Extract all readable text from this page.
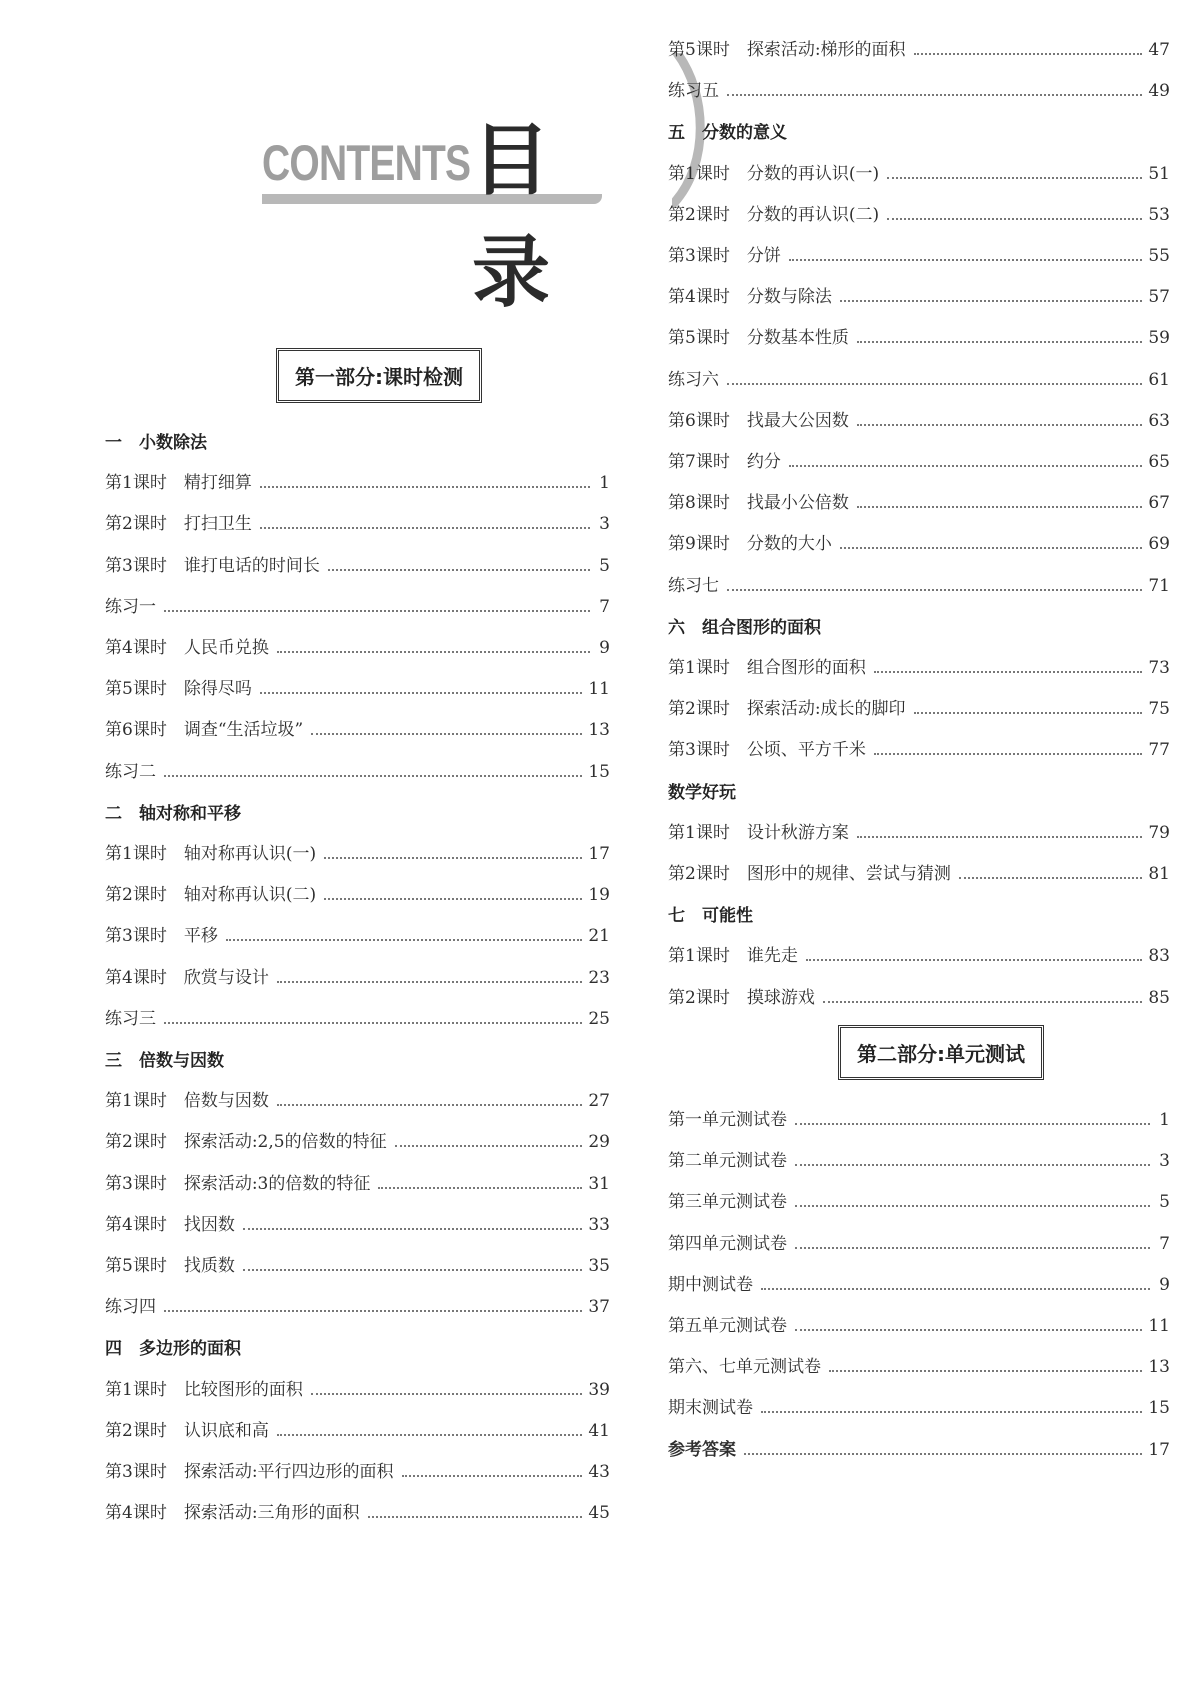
CONTENTS 目录
第一部分:课时检测
一　小数除法
第1课时　精打细算	1
第2课时　打扫卫生	3
第3课时　谁打电话的时间长	5
练习一	7
第4课时　人民币兑换	9
第5课时　除得尽吗	11
第6课时　调查“生活垃圾”	13
练习二	15
二　轴对称和平移
第1课时　轴对称再认识(一)	17
第2课时　轴对称再认识(二)	19
第3课时　平移	21
第4课时　欣赏与设计	23
练习三	25
三　倍数与因数
第1课时　倍数与因数	27
第2课时　探索活动:2,5的倍数的特征	29
第3课时　探索活动:3的倍数的特征	31
第4课时　找因数	33
第5课时　找质数	35
练习四	37
四　多边形的面积
第1课时　比较图形的面积	39
第2课时　认识底和高	41
第3课时　探索活动:平行四边形的面积	43
第4课时　探索活动:三角形的面积	45
第5课时　探索活动:梯形的面积	47
练习五	49
五　分数的意义
第1课时　分数的再认识(一)	51
第2课时　分数的再认识(二)	53
第3课时　分饼	55
第4课时　分数与除法	57
第5课时　分数基本性质	59
练习六	61
第6课时　找最大公因数	63
第7课时　约分	65
第8课时　找最小公倍数	67
第9课时　分数的大小	69
练习七	71
六　组合图形的面积
第1课时　组合图形的面积	73
第2课时　探索活动:成长的脚印	75
第3课时　公顷、平方千米	77
数学好玩
第1课时　设计秋游方案	79
第2课时　图形中的规律、尝试与猜测	81
七　可能性
第1课时　谁先走	83
第2课时　摸球游戏	85
第一单元测试卷	1
第二单元测试卷	3
第三单元测试卷	5
第四单元测试卷	7
期中测试卷	9
第五单元测试卷	11
第六、七单元测试卷	13
期末测试卷	15
参考答案	17
第二部分:单元测试
